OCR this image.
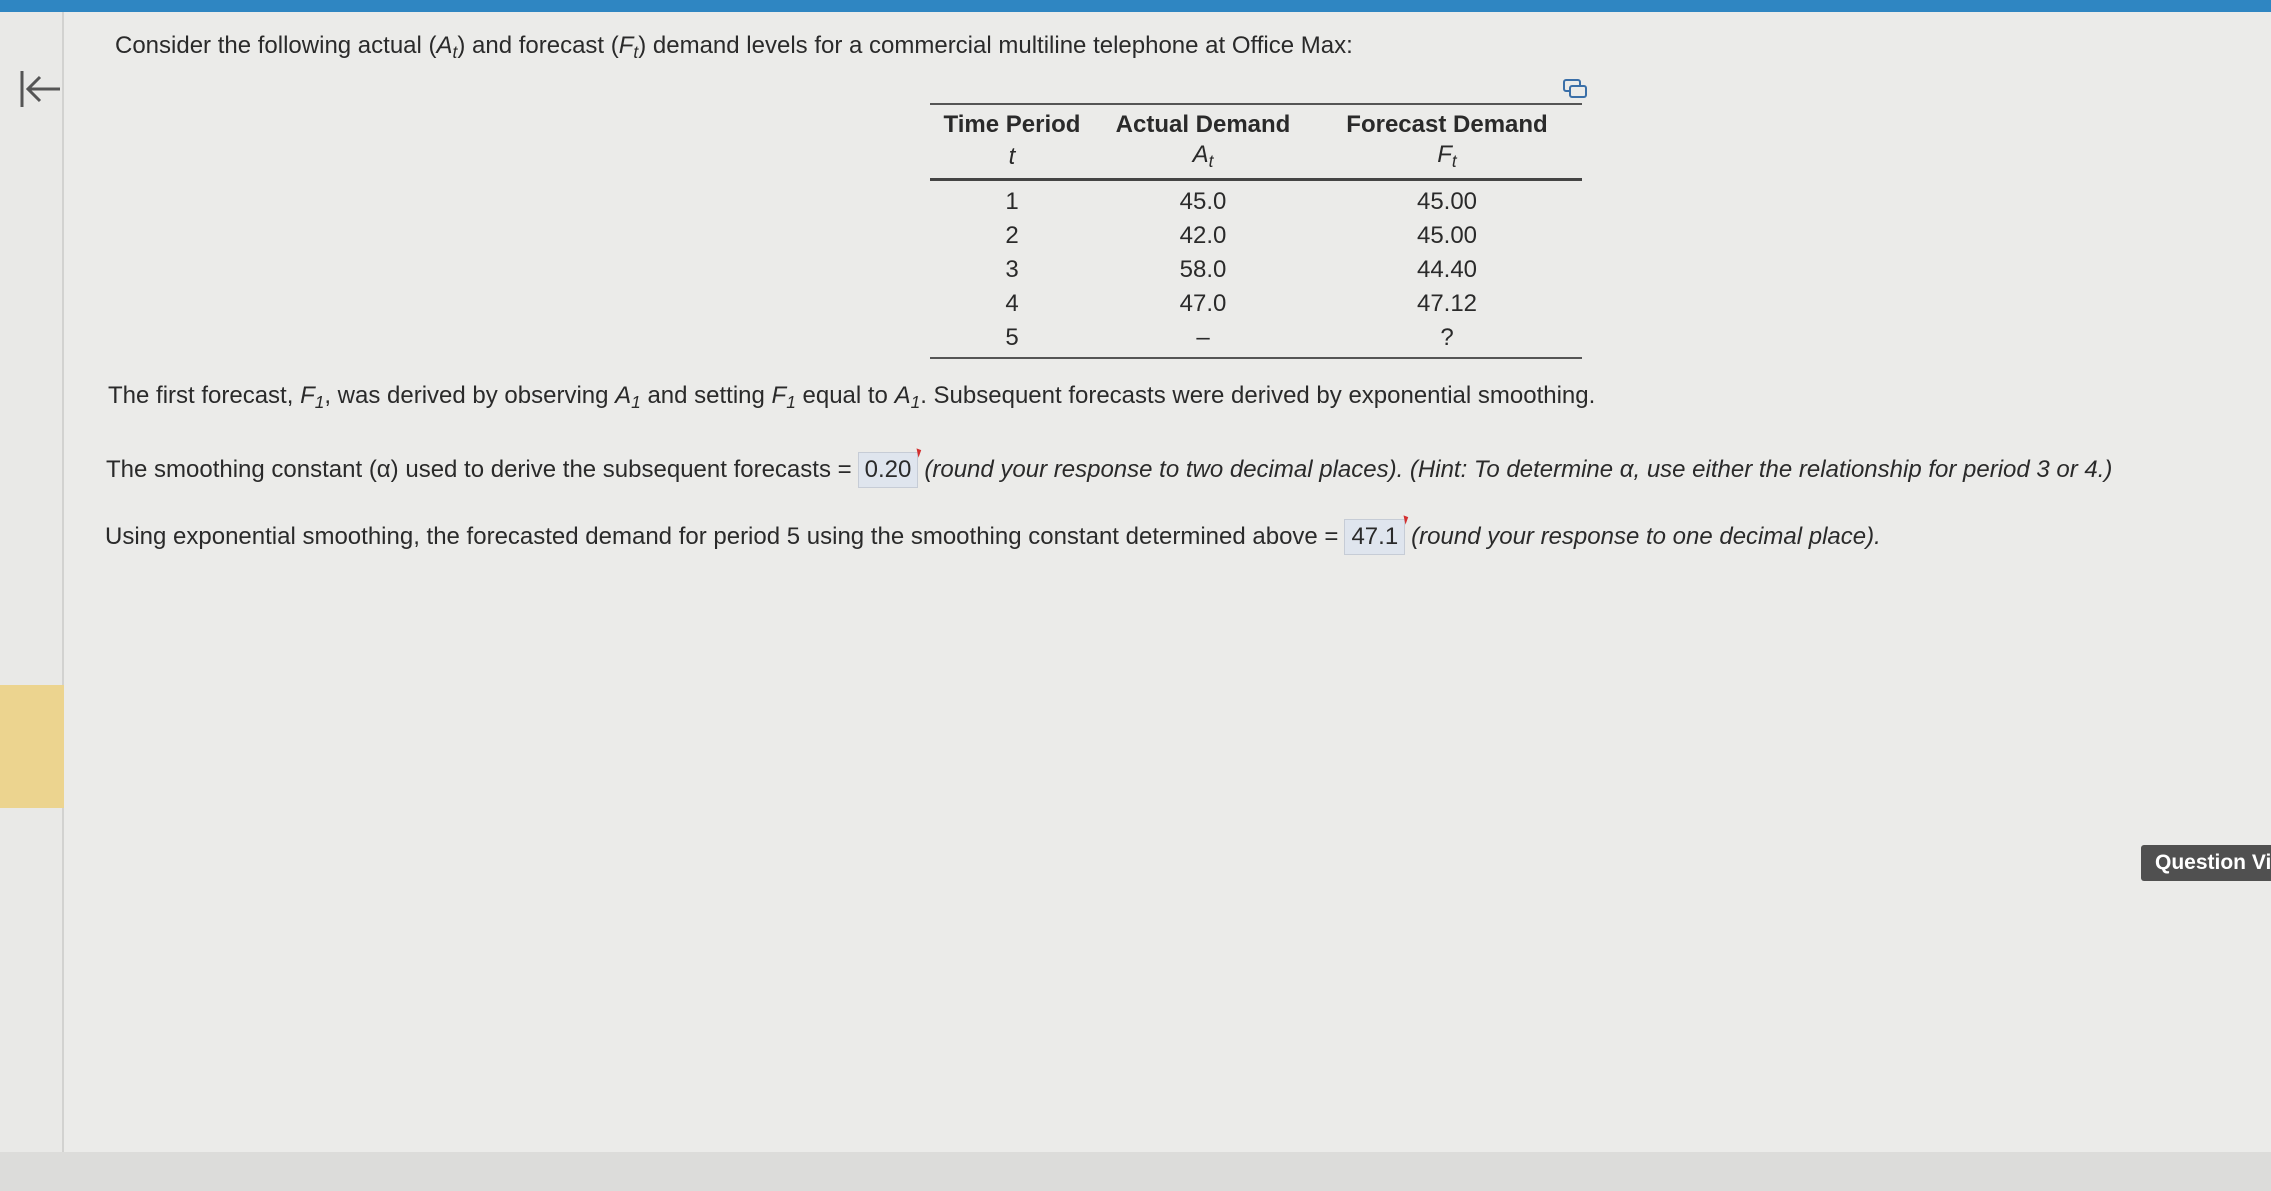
Consider the following actual $(A_t)$ and forecast $(F_t)$ demand levels for a commercial multiline telephone at Office Max:
Time Period	Actual Demand	Forecast Demand
t	$A_t$	$F_t$
1	45.0	45.00
2	42.0	45.00
3	58.0	44.40
4	47.0	47.12
5	–	?
The first forecast, $F_1$, was derived by observing $A_1$ and setting $F_1$ equal to $A_1$. Subsequent forecasts were derived by exponential smoothing.
The smoothing constant (α) used to derive the subsequent forecasts = 0.20 (round your response to two decimal places). (Hint: To determine α, use either the relationship for period 3 or 4.)
Using exponential smoothing, the forecasted demand for period 5 using the smoothing constant determined above = 47.1 (round your response to one decimal place).
Question Vi
